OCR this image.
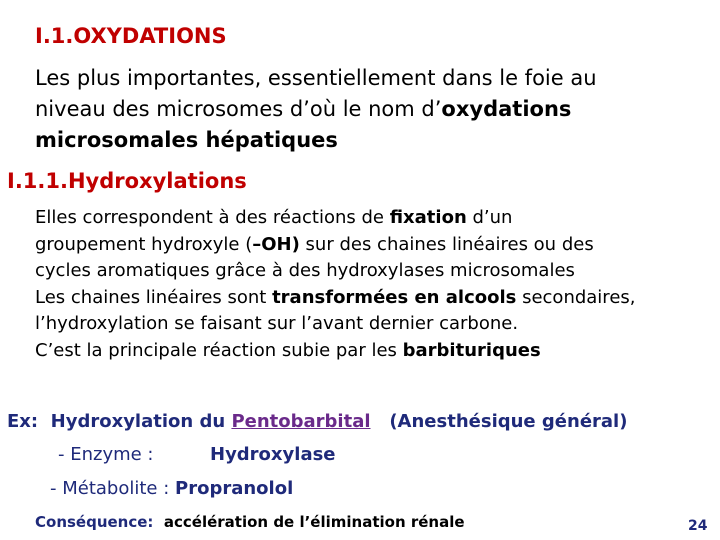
I.1.OXYDATIONS
Les plus importantes, essentiellement dans le foie au
niveau des microsomes d’où le nom d’oxydations
microsomales hépatiques
I.1.1.Hydroxylations
Elles correspondent à des réactions de fixation d’un
groupement hydroxyle (–OH) sur des chaines linéaires ou des
cycles aromatiques grâce à des hydroxylases microsomales
Les chaines linéaires sont transformées en alcools secondaires,
l’hydroxylation se faisant sur l’avant dernier carbone.
C’est la principale réaction subie par les barbituriques
Ex: Hydroxylation du Pentobarbital (Anesthésique général)
- Enzyme :	Hydroxylase
- Métabolite : Propranolol
Conséquence: accélération de l’élimination rénale	24
